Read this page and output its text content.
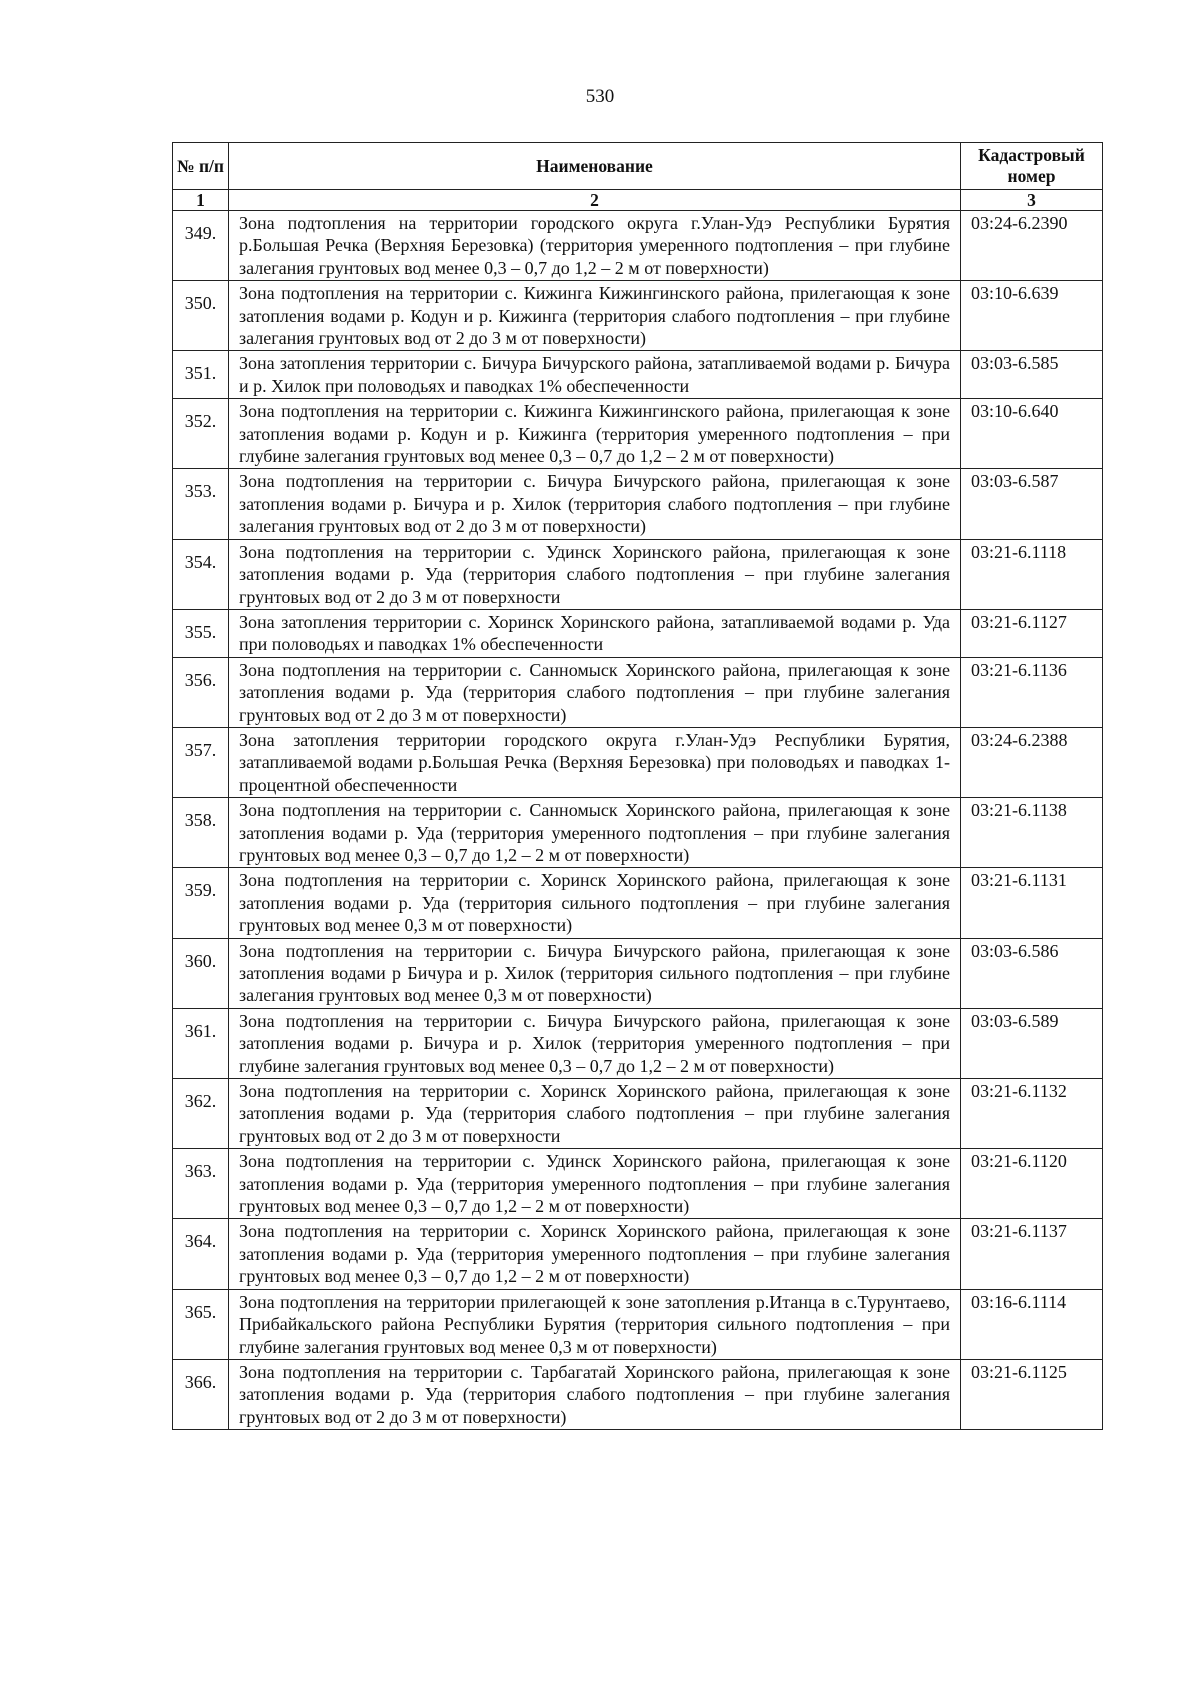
530
№ п/п	Наименование	Кадастровый номер
1	2	3
349.	Зона подтопления на территории городского округа г.Улан-Удэ Республики Бурятия р.Большая Речка (Верхняя Березовка) (территория умеренного подтопления – при глубине залегания грунтовых вод менее 0,3 – 0,7 до 1,2 – 2 м от поверхности)	03:24-6.2390
350.	Зона подтопления на территории с. Кижинга Кижингинского района, прилегающая к зоне затопления водами р. Кодун и р. Кижинга (территория слабого подтопления – при глубине залегания грунтовых вод от 2 до 3 м от поверхности)	03:10-6.639
351.	Зона затопления территории с. Бичура Бичурского района, затапливаемой водами р. Бичура и р. Хилок при половодьях и паводках 1% обеспеченности	03:03-6.585
352.	Зона подтопления на территории с. Кижинга Кижингинского района, прилегающая к зоне затопления водами р. Кодун и р. Кижинга (территория умеренного подтопления – при глубине залегания грунтовых вод менее 0,3 – 0,7 до 1,2 – 2 м от поверхности)	03:10-6.640
353.	Зона подтопления на территории с. Бичура Бичурского района, прилегающая к зоне затопления водами р. Бичура и р. Хилок (территория слабого подтопления – при глубине залегания грунтовых вод от 2 до 3 м от поверхности)	03:03-6.587
354.	Зона подтопления на территории с. Удинск Хоринского района, прилегающая к зоне затопления водами р. Уда (территория слабого подтопления – при глубине залегания грунтовых вод от 2 до 3 м от поверхности	03:21-6.1118
355.	Зона затопления территории с. Хоринск Хоринского района, затапливаемой водами р. Уда при половодьях и паводках 1% обеспеченности	03:21-6.1127
356.	Зона подтопления на территории с. Санномыск Хоринского района, прилегающая к зоне затопления водами р. Уда (территория слабого подтопления – при глубине залегания грунтовых вод от 2 до 3 м от поверхности)	03:21-6.1136
357.	Зона затопления территории городского округа г.Улан-Удэ Республики Бурятия, затапливаемой водами р.Большая Речка (Верхняя Березовка) при половодьях и паводках 1-процентной обеспеченности	03:24-6.2388
358.	Зона подтопления на территории с. Санномыск Хоринского района, прилегающая к зоне затопления водами р. Уда (территория умеренного подтопления – при глубине залегания грунтовых вод менее 0,3 – 0,7 до 1,2 – 2 м от поверхности)	03:21-6.1138
359.	Зона подтопления на территории с. Хоринск Хоринского района, прилегающая к зоне затопления водами р. Уда (территория сильного подтопления – при глубине залегания грунтовых вод менее 0,3 м от поверхности)	03:21-6.1131
360.	Зона подтопления на территории с. Бичура Бичурского района, прилегающая к зоне затопления водами р Бичура и р. Хилок (территория сильного подтопления – при глубине залегания грунтовых вод менее 0,3 м от поверхности)	03:03-6.586
361.	Зона подтопления на территории с. Бичура Бичурского района, прилегающая к зоне затопления водами р. Бичура и р. Хилок (территория умеренного подтопления – при глубине залегания грунтовых вод менее 0,3 – 0,7 до 1,2 – 2 м от поверхности)	03:03-6.589
362.	Зона подтопления на территории с. Хоринск Хоринского района, прилегающая к зоне затопления водами р. Уда (территория слабого подтопления – при глубине залегания грунтовых вод от 2 до 3 м от поверхности	03:21-6.1132
363.	Зона подтопления на территории с. Удинск Хоринского района, прилегающая к зоне затопления водами р. Уда (территория умеренного подтопления – при глубине залегания грунтовых вод менее 0,3 – 0,7 до 1,2 – 2 м от поверхности)	03:21-6.1120
364.	Зона подтопления на территории с. Хоринск Хоринского района, прилегающая к зоне затопления водами р. Уда (территория умеренного подтопления – при глубине залегания грунтовых вод менее 0,3 – 0,7 до 1,2 – 2 м от поверхности)	03:21-6.1137
365.	Зона подтопления на территории прилегающей к зоне затопления р.Итанца в с.Турунтаево, Прибайкальского района Республики Бурятия (территория сильного подтопления – при глубине залегания грунтовых вод менее 0,3 м от поверхности)	03:16-6.1114
366.	Зона подтопления на территории с. Тарбагатай Хоринского района, прилегающая к зоне затопления водами р. Уда (территория слабого подтопления – при глубине залегания грунтовых вод от 2 до 3 м от поверхности)	03:21-6.1125
